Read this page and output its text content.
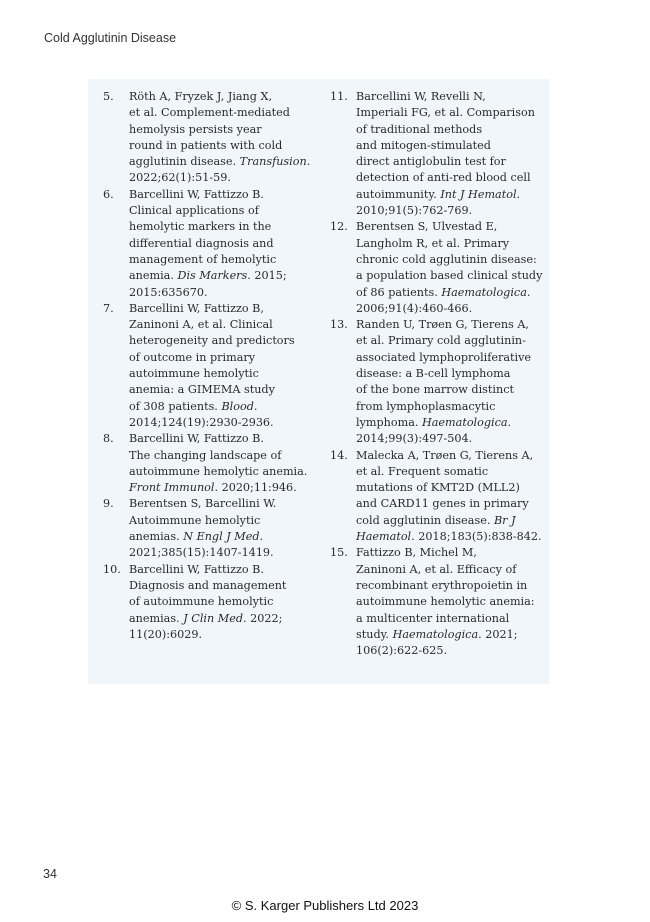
Cold Agglutinin Disease
5.	Röth A, Fryzek J, Jiang X,
et al. Complement-mediated
hemolysis persists year
round in patients with cold
agglutinin disease. Transfusion.
2022;62(1):51-59.
6.	Barcellini W, Fattizzo B.
Clinical applications of
hemolytic markers in the
differential diagnosis and
management of hemolytic
anemia. Dis Markers. 2015;
2015:635670.
7.	Barcellini W, Fattizzo B,
Zaninoni A, et al. Clinical
heterogeneity and predictors
of outcome in primary
autoimmune hemolytic
anemia: a GIMEMA study
of 308 patients. Blood.
2014;124(19):2930-2936.
8.	Barcellini W, Fattizzo B.
The changing landscape of
autoimmune hemolytic anemia.
Front Immunol. 2020;11:946.
9.	Berentsen S, Barcellini W.
Autoimmune hemolytic
anemias. N Engl J Med.
2021;385(15):1407-1419.
10. Barcellini W, Fattizzo B.
Diagnosis and management
of autoimmune hemolytic
anemias. J Clin Med. 2022;
11(20):6029.
11. Barcellini W, Revelli N,
Imperiali FG, et al. Comparison
of traditional methods
and mitogen-stimulated
direct antiglobulin test for
detection of anti-red blood cell
autoimmunity. Int J Hematol.
2010;91(5):762-769.
12. Berentsen S, Ulvestad E,
Langholm R, et al. Primary
chronic cold agglutinin disease:
a population based clinical study
of 86 patients. Haematologica.
2006;91(4):460-466.
13. Randen U, Trøen G, Tierens A,
et al. Primary cold agglutinin-
associated lymphoproliferative
disease: a B-cell lymphoma
of the bone marrow distinct
from lymphoplasmacytic
lymphoma. Haematologica.
2014;99(3):497-504.
14. Malecka A, Trøen G, Tierens A,
et al. Frequent somatic
mutations of KMT2D (MLL2)
and CARD11 genes in primary
cold agglutinin disease. Br J
Haematol. 2018;183(5):838-842.
15. Fattizzo B, Michel M,
Zaninoni A, et al. Efficacy of
recombinant erythropoietin in
autoimmune hemolytic anemia:
a multicenter international
study. Haematologica. 2021;
106(2):622-625.
34
© S. Karger Publishers Ltd 2023
